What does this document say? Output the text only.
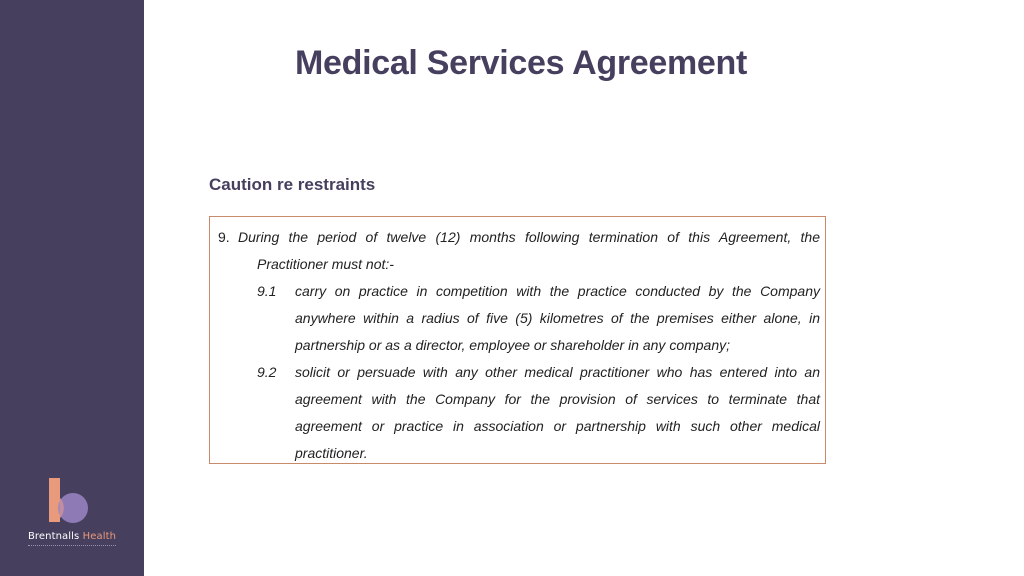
Brentnalls Health
Medical Services Agreement
Caution re restraints
9. During the period of twelve (12) months following termination of this Agreement, the
Practitioner must not:-
9.1 carry on practice in competition with the practice conducted by the Company
anywhere within a radius of five (5) kilometres of the premises either alone, in
partnership or as a director, employee or shareholder in any company;
9.2 solicit or persuade with any other medical practitioner who has entered into an
agreement with the Company for the provision of services to terminate that
agreement or practice in association or partnership with such other medical
practitioner.
